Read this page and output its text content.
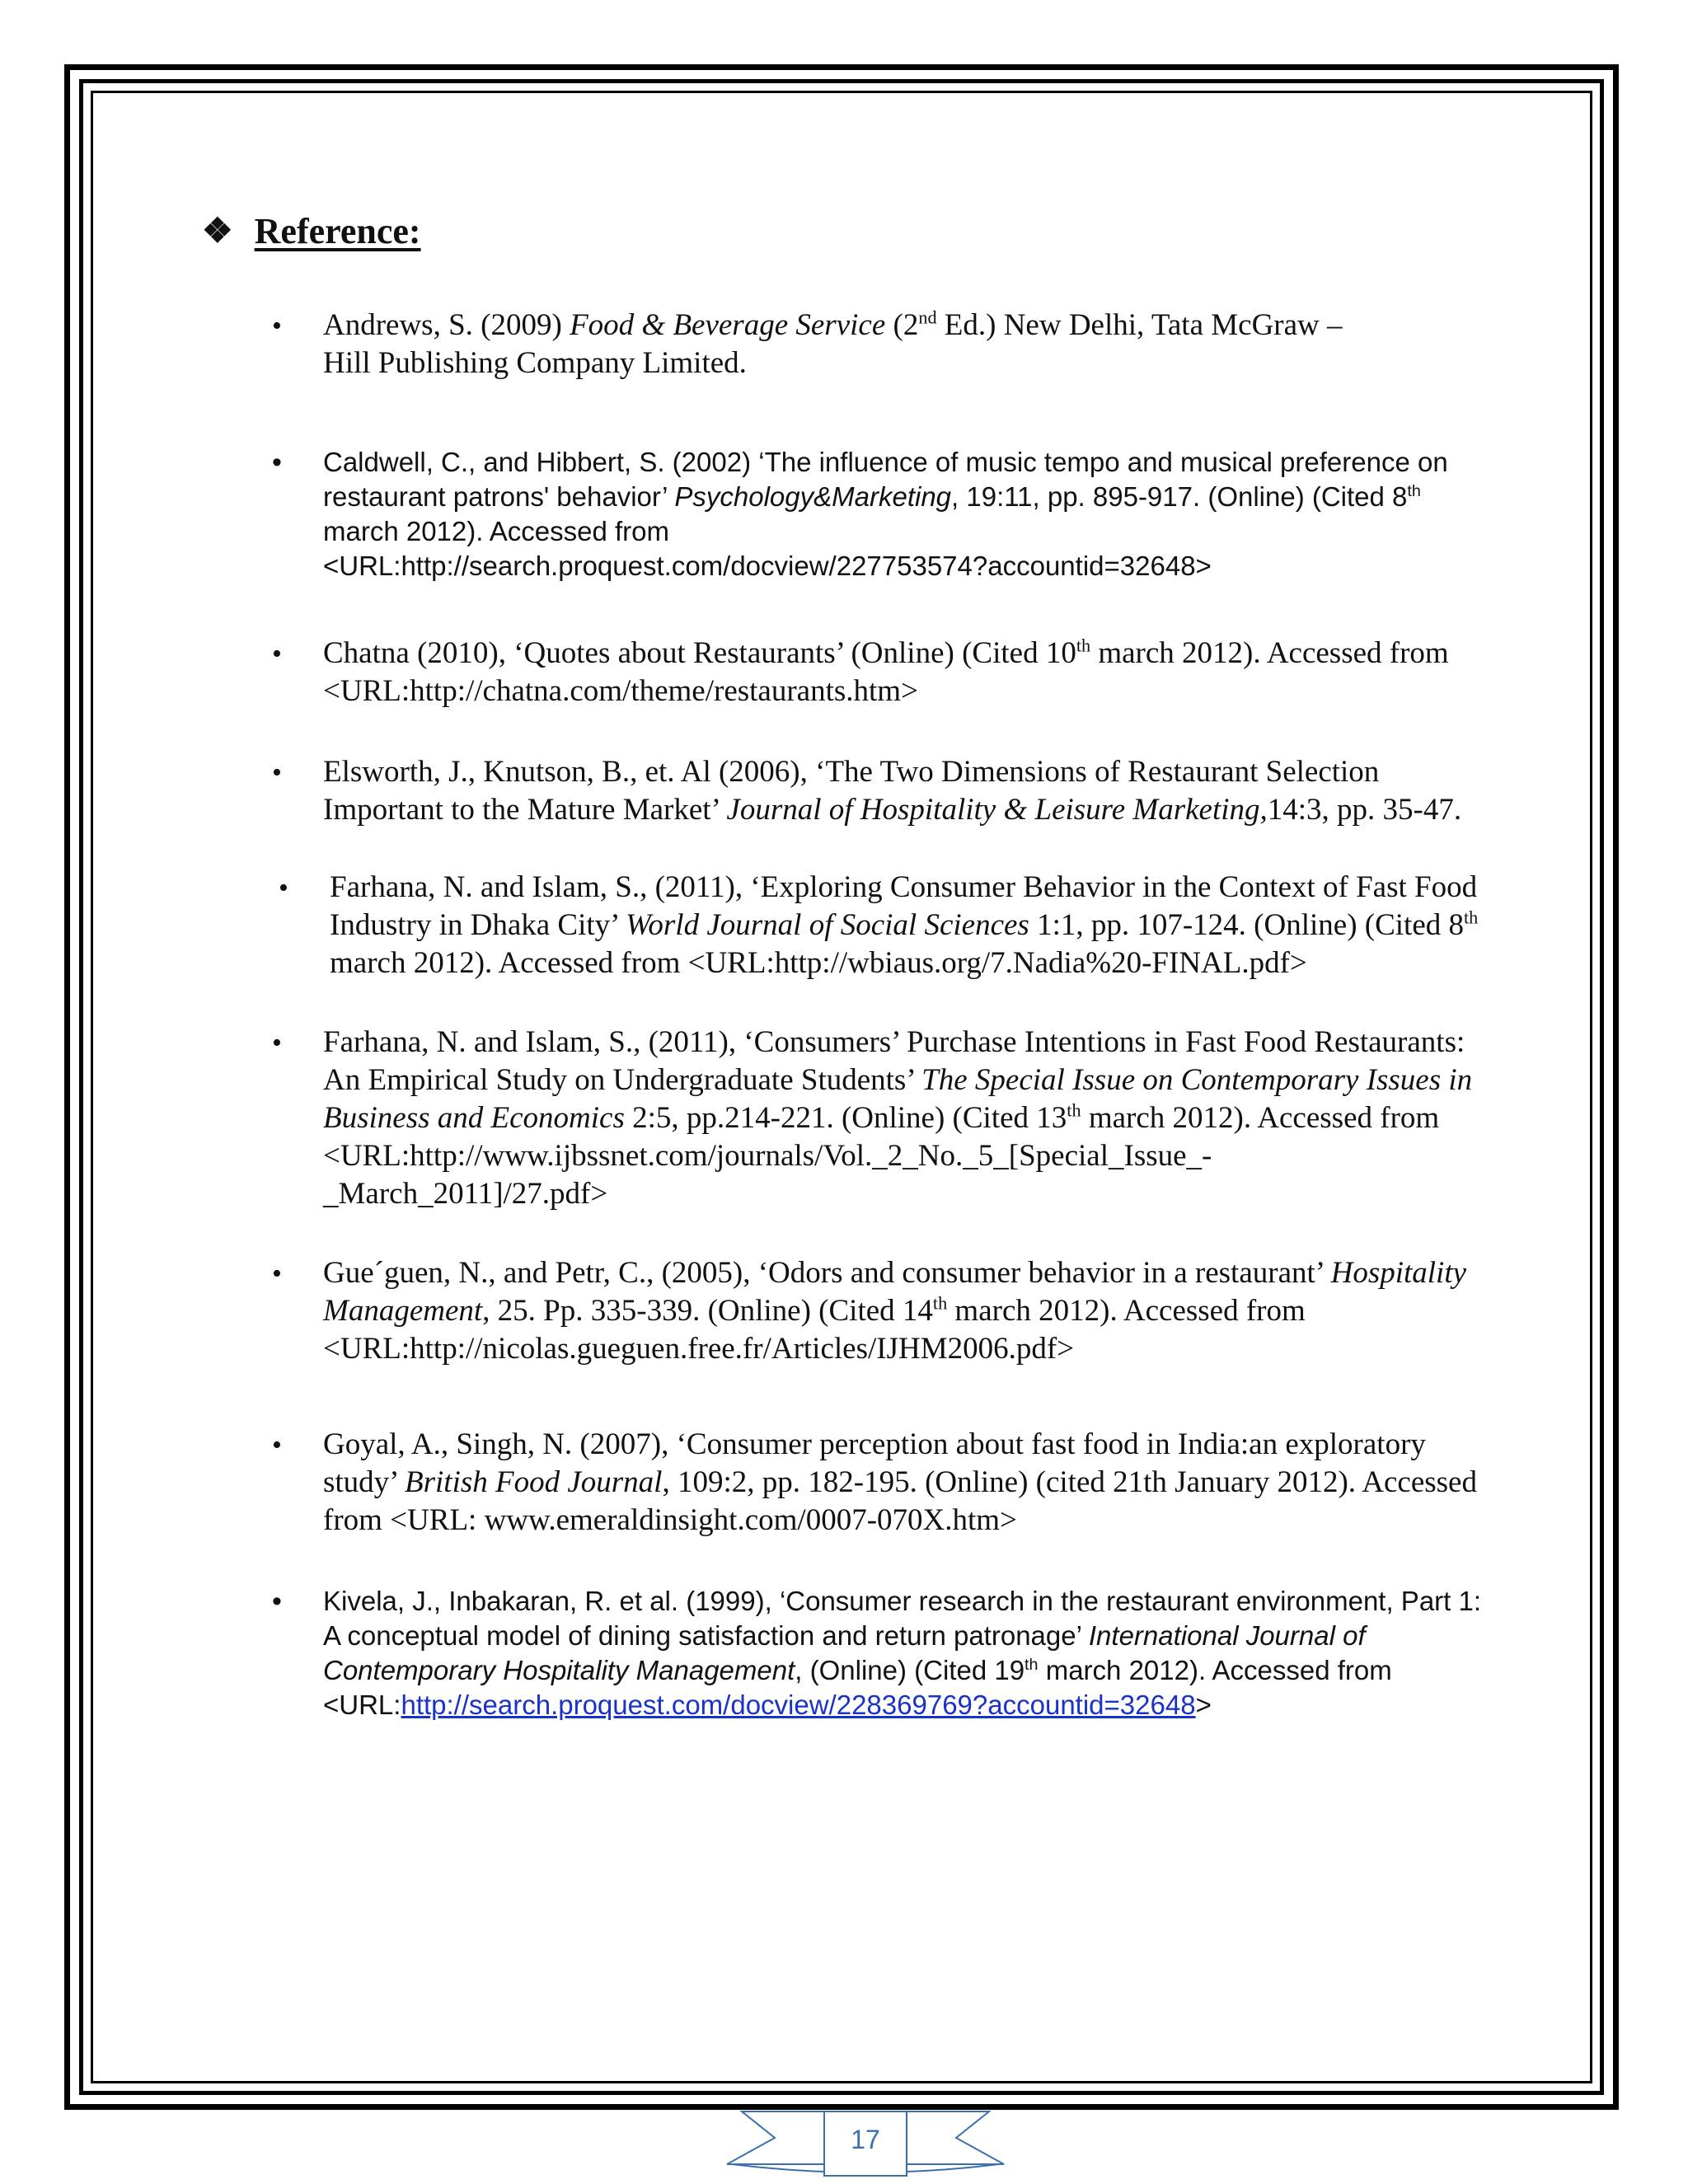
❖ Reference:
• Andrews, S. (2009) Food & Beverage Service (2nd Ed.) New Delhi, Tata McGraw –
Hill Publishing Company Limited.
• Caldwell, C., and Hibbert, S. (2002) ‘The influence of music tempo and musical preference on restaurant patrons' behavior’ Psychology&Marketing, 19:11, pp. 895-917. (Online) (Cited 8th march 2012). Accessed from
<URL:http://search.proquest.com/docview/227753574?accountid=32648>
• Chatna (2010), ‘Quotes about Restaurants’ (Online) (Cited 10th march 2012). Accessed from <URL:http://chatna.com/theme/restaurants.htm>
• Elsworth, J., Knutson, B., et. Al (2006), ‘The Two Dimensions of Restaurant Selection Important to the Mature Market’ Journal of Hospitality & Leisure Marketing,14:3, pp. 35-47.
• Farhana, N. and Islam, S., (2011), ‘Exploring Consumer Behavior in the Context of Fast Food Industry in Dhaka City’ World Journal of Social Sciences 1:1, pp. 107-124. (Online) (Cited 8th march 2012). Accessed from <URL:http://wbiaus.org/7.Nadia%20-FINAL.pdf>
• Farhana, N. and Islam, S., (2011), ‘Consumers’ Purchase Intentions in Fast Food Restaurants: An Empirical Study on Undergraduate Students’ The Special Issue on Contemporary Issues in Business and Economics 2:5, pp.214-221. (Online) (Cited 13th march 2012). Accessed from
<URL:http://www.ijbssnet.com/journals/Vol._2_No._5_[Special_Issue_-_March_2011]/27.pdf>
• Gue´guen, N., and Petr, C., (2005), ‘Odors and consumer behavior in a restaurant’ Hospitality Management, 25. Pp. 335-339. (Online) (Cited 14th march 2012). Accessed from <URL:http://nicolas.gueguen.free.fr/Articles/IJHM2006.pdf>
• Goyal, A., Singh, N. (2007), ‘Consumer perception about fast food in India:an exploratory study’ British Food Journal, 109:2, pp. 182-195. (Online) (cited 21th January 2012). Accessed from <URL: www.emeraldinsight.com/0007-070X.htm>
• Kivela, J., Inbakaran, R. et al. (1999), ‘Consumer research in the restaurant environment, Part 1: A conceptual model of dining satisfaction and return patronage’ International Journal of Contemporary Hospitality Management, (Online) (Cited 19th march 2012). Accessed from
<URL:http://search.proquest.com/docview/228369769?accountid=32648>
17
